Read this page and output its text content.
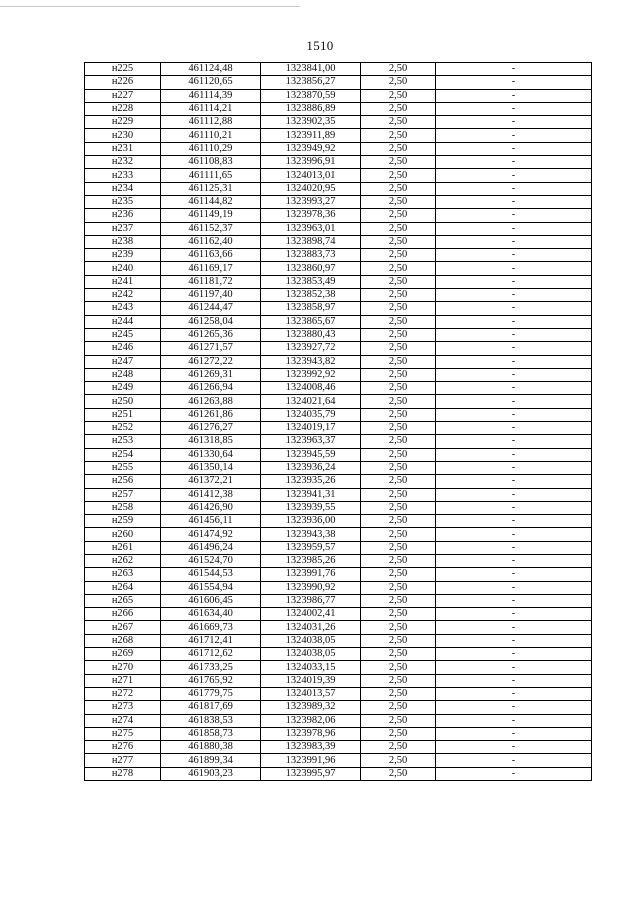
1510
н225	461124,48	1323841,00	2,50	-
н226	461120,65	1323856,27	2,50	-
н227	461114,39	1323870,59	2,50	-
н228	461114,21	1323886,89	2,50	-
н229	461112,88	1323902,35	2,50	-
н230	461110,21	1323911,89	2,50	-
н231	461110,29	1323949,92	2,50	-
н232	461108,83	1323996,91	2,50	-
н233	461111,65	1324013,01	2,50	-
н234	461125,31	1324020,95	2,50	-
н235	461144,82	1323993,27	2,50	-
н236	461149,19	1323978,36	2,50	-
н237	461152,37	1323963,01	2,50	-
н238	461162,40	1323898,74	2,50	-
н239	461163,66	1323883,73	2,50	-
н240	461169,17	1323860,97	2,50	-
н241	461181,72	1323853,49	2,50	-
н242	461197,40	1323852,38	2,50	-
н243	461244,47	1323858,97	2,50	-
н244	461258,04	1323865,67	2,50	-
н245	461265,36	1323880,43	2,50	-
н246	461271,57	1323927,72	2,50	-
н247	461272,22	1323943,82	2,50	-
н248	461269,31	1323992,92	2,50	-
н249	461266,94	1324008,46	2,50	-
н250	461263,88	1324021,64	2,50	-
н251	461261,86	1324035,79	2,50	-
н252	461276,27	1324019,17	2,50	-
н253	461318,85	1323963,37	2,50	-
н254	461330,64	1323945,59	2,50	-
н255	461350,14	1323936,24	2,50	-
н256	461372,21	1323935,26	2,50	-
н257	461412,38	1323941,31	2,50	-
н258	461426,90	1323939,55	2,50	-
н259	461456,11	1323936,00	2,50	-
н260	461474,92	1323943,38	2,50	-
н261	461496,24	1323959,57	2,50	-
н262	461524,70	1323985,26	2,50	-
н263	461544,53	1323991,76	2,50	-
н264	461554,94	1323990,92	2,50	-
н265	461606,45	1323986,77	2,50	-
н266	461634,40	1324002,41	2,50	-
н267	461669,73	1324031,26	2,50	-
н268	461712,41	1324038,05	2,50	-
н269	461712,62	1324038,05	2,50	-
н270	461733,25	1324033,15	2,50	-
н271	461765,92	1324019,39	2,50	-
н272	461779,75	1324013,57	2,50	-
н273	461817,69	1323989,32	2,50	-
н274	461838,53	1323982,06	2,50	-
н275	461858,73	1323978,96	2,50	-
н276	461880,38	1323983,39	2,50	-
н277	461899,34	1323991,96	2,50	-
н278	461903,23	1323995,97	2,50	-
